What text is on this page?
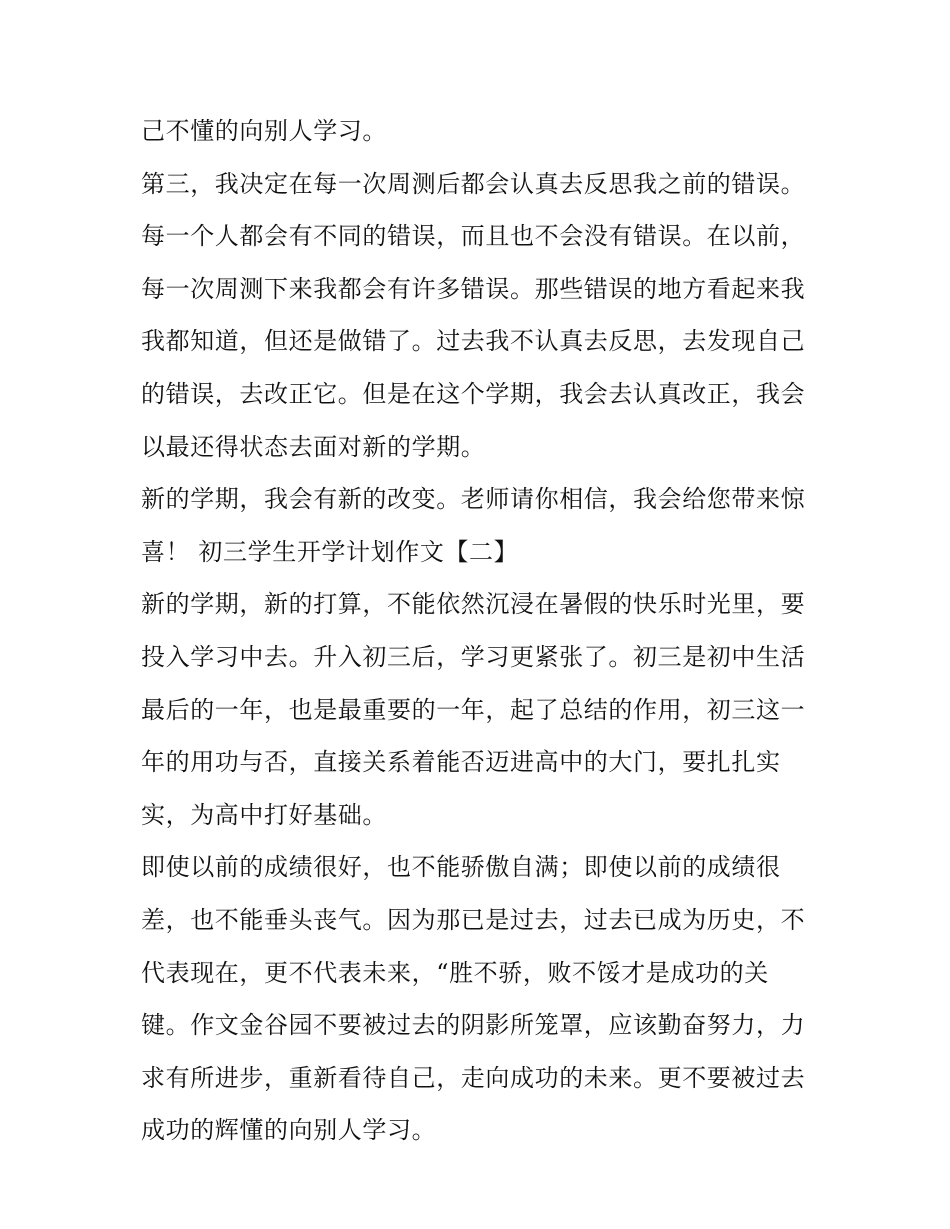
己不懂的向别人学习。
第三，我决定在每一次周测后都会认真去反思我之前的错误。
每一个人都会有不同的错误，而且也不会没有错误。在以前，
每一次周测下来我都会有许多错误。那些错误的地方看起来我
我都知道，但还是做错了。过去我不认真去反思，去发现自己
的错误，去改正它。但是在这个学期，我会去认真改正，我会
以最还得状态去面对新的学期。
新的学期，我会有新的改变。老师请你相信，我会给您带来惊
喜！ 初三学生开学计划作文【二】
新的学期，新的打算，不能依然沉浸在暑假的快乐时光里，要
投入学习中去。升入初三后，学习更紧张了。初三是初中生活
最后的一年，也是最重要的一年，起了总结的作用，初三这一
年的用功与否，直接关系着能否迈进高中的大门，要扎扎实
实，为高中打好基础。
即使以前的成绩很好，也不能骄傲自满；即使以前的成绩很
差，也不能垂头丧气。因为那已是过去，过去已成为历史，不
代表现在，更不代表未来，“胜不骄，败不馁才是成功的关
键。作文金谷园不要被过去的阴影所笼罩，应该勤奋努力，力
求有所进步，重新看待自己，走向成功的未来。更不要被过去
成功的辉懂的向别人学习。
